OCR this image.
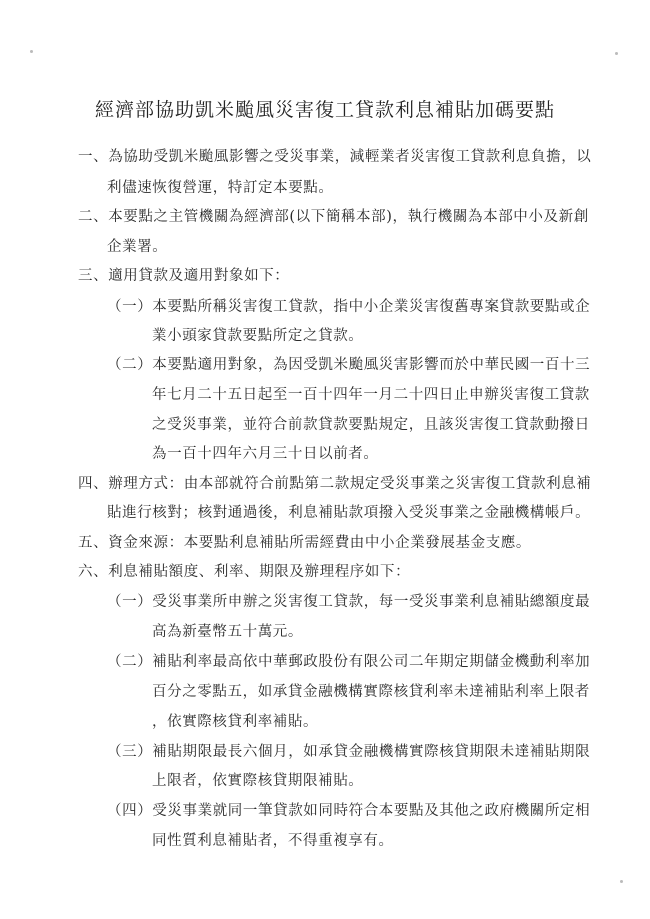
經濟部協助凱米颱風災害復工貸款利息補貼加碼要點
一、為協助受凱米颱風影響之受災事業，減輕業者災害復工貸款利息負擔，以
利儘速恢復營運，特訂定本要點。
二、本要點之主管機關為經濟部(以下簡稱本部)，執行機關為本部中小及新創
企業署。
三、適用貸款及適用對象如下：
（一）本要點所稱災害復工貸款，指中小企業災害復舊專案貸款要點或企
業小頭家貸款要點所定之貸款。
（二）本要點適用對象，為因受凱米颱風災害影響而於中華民國一百十三
年七月二十五日起至一百十四年一月二十四日止申辦災害復工貸款
之受災事業，並符合前款貸款要點規定，且該災害復工貸款動撥日
為一百十四年六月三十日以前者。
四、辦理方式：由本部就符合前點第二款規定受災事業之災害復工貸款利息補
貼進行核對；核對通過後，利息補貼款項撥入受災事業之金融機構帳戶。
五、資金來源：本要點利息補貼所需經費由中小企業發展基金支應。
六、利息補貼額度、利率、期限及辦理程序如下：
（一）受災事業所申辦之災害復工貸款，每一受災事業利息補貼總額度最
高為新臺幣五十萬元。
（二）補貼利率最高依中華郵政股份有限公司二年期定期儲金機動利率加
百分之零點五，如承貸金融機構實際核貸利率未達補貼利率上限者
，依實際核貸利率補貼。
（三）補貼期限最長六個月，如承貸金融機構實際核貸期限未達補貼期限
上限者，依實際核貸期限補貼。
（四）受災事業就同一筆貸款如同時符合本要點及其他之政府機關所定相
同性質利息補貼者，不得重複享有。
